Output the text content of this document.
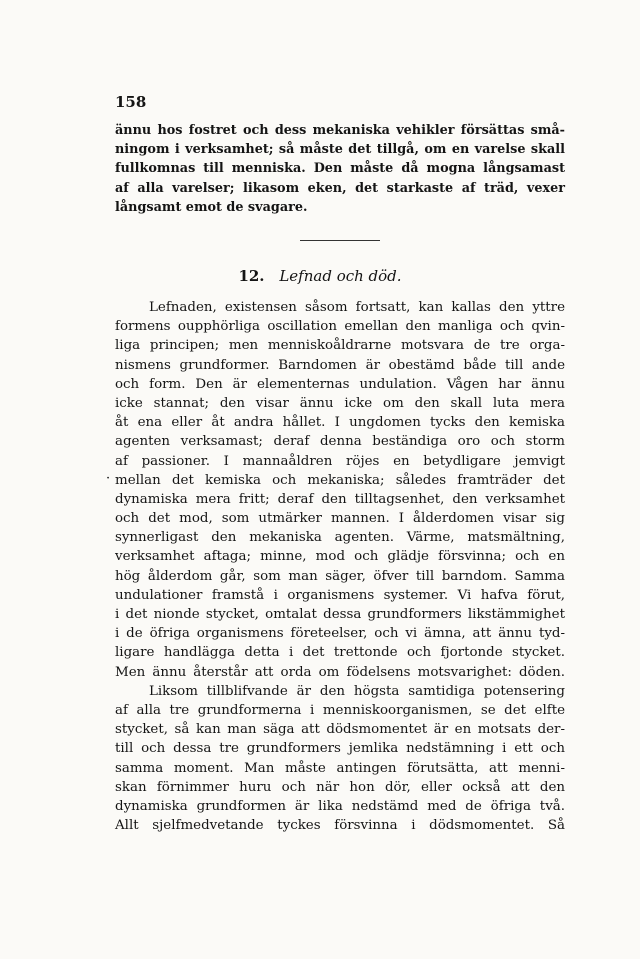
158
ännu hos fostret och dess mekaniska vehikler försättas små-
ningom i verksamhet; så måste det tillgå, om en varelse skall
fullkomnas till menniska. Den måste då mogna långsamast
af alla varelser; likasom eken, det starkaste af träd, vexer
långsamt emot de svagare.
12. Lefnad och död.
·
Lefnaden, existensen såsom fortsatt, kan kallas den yttre
formens oupphörliga oscillation emellan den manliga och qvin-
liga principen; men menniskoåldrarne motsvara de tre orga-
nismens grundformer. Barndomen är obestämd både till ande
och form. Den är elementernas undulation. Vågen har ännu
icke stannat; den visar ännu icke om den skall luta mera
åt ena eller åt andra hållet. I ungdomen tycks den kemiska
agenten verksamast; deraf denna beständiga oro och storm
af passioner. I mannaåldren röjes en betydligare jemvigt
mellan det kemiska och mekaniska; således framträder det
dynamiska mera fritt; deraf den tilltagsenhet, den verksamhet
och det mod, som utmärker mannen. I ålderdomen visar sig
synnerligast den mekaniska agenten. Värme, matsmältning,
verksamhet aftaga; minne, mod och glädje försvinna; och en
hög ålderdom går, som man säger, öfver till barndom. Samma
undulationer framstå i organismens systemer. Vi hafva förut,
i det nionde stycket, omtalat dessa grundformers likstämmighet
i de öfriga organismens företeelser, och vi ämna, att ännu tyd-
ligare handlägga detta i det trettonde och fjortonde stycket.
Men ännu återstår att orda om födelsens motsvarighet: döden.
Liksom tillblifvande är den högsta samtidiga potensering
af alla tre grundformerna i menniskoorganismen, se det elfte
stycket, så kan man säga att dödsmomentet är en motsats der-
till och dessa tre grundformers jemlika nedstämning i ett och
samma moment. Man måste antingen förutsätta, att menni-
skan förnimmer huru och när hon dör, eller också att den
dynamiska grundformen är lika nedstämd med de öfriga två.
Allt sjelfmedvetande tyckes försvinna i dödsmomentet. Så
